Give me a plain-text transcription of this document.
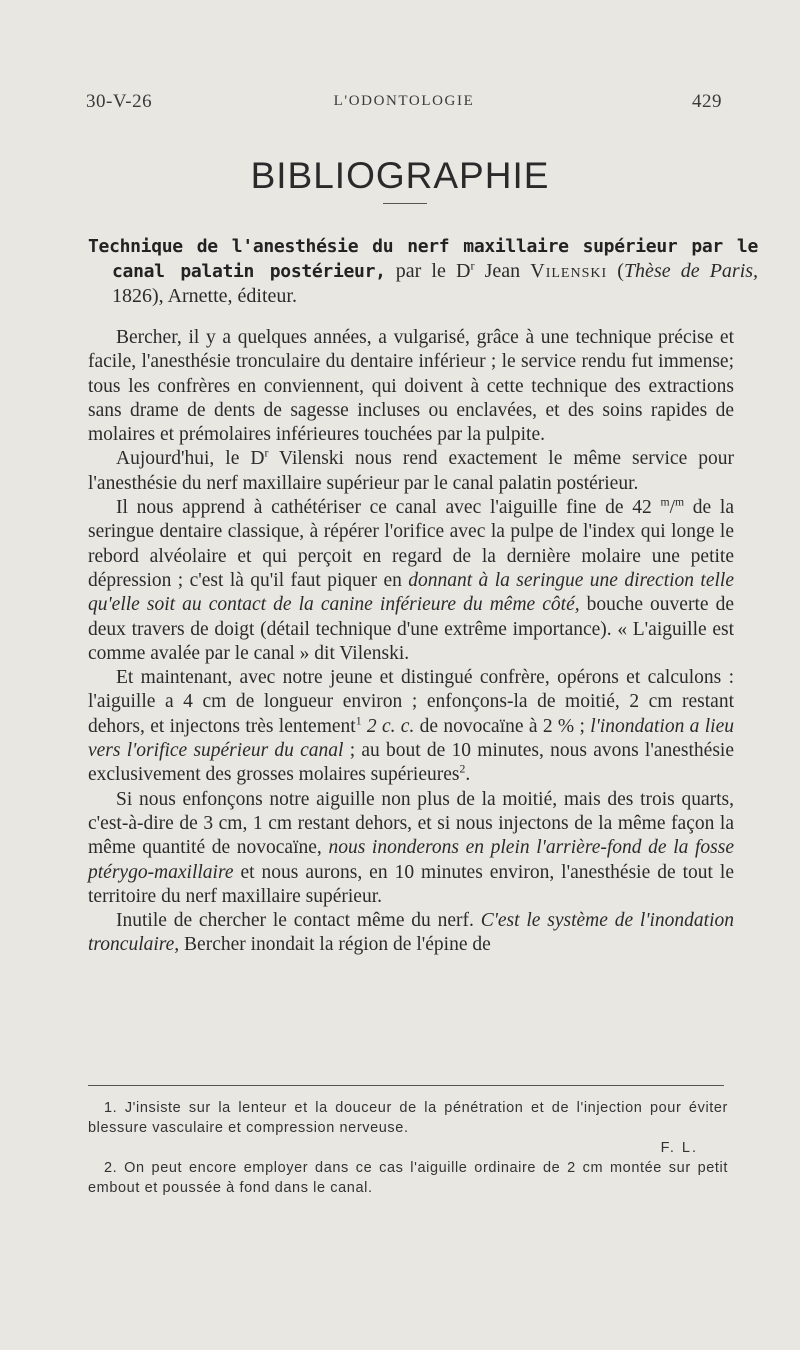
30-V-26	L'ODONTOLOGIE	429
BIBLIOGRAPHIE
Technique de l'anesthésie du nerf maxillaire supérieur par le canal palatin postérieur, par le $D^r$ Jean Vilenski (Thèse de Paris, 1826), Arnette, éditeur.

Bercher, il y a quelques années, a vulgarisé, grâce à une technique précise et facile, l'anesthésie tronculaire du dentaire inférieur ; le service rendu fut immense; tous les confrères en conviennent, qui doivent à cette technique des extractions sans drame de dents de sagesse incluses ou enclavées, et des soins rapides de molaires et prémolaires inférieures touchées par la pulpite.

Aujourd'hui, le $D^r$ Vilenski nous rend exactement le même service pour l'anesthésie du nerf maxillaire supérieur par le canal palatin postérieur.

Il nous apprend à cathétériser ce canal avec l'aiguille fine de 42 $^m$/$^m$ de la seringue dentaire classique, à répérer l'orifice avec la pulpe de l'index qui longe le rebord alvéolaire et qui perçoit en regard de la dernière molaire une petite dépression ; c'est là qu'il faut piquer en donnant à la seringue une direction telle qu'elle soit au contact de la canine inférieure du même côté, bouche ouverte de deux travers de doigt (détail technique d'une extrême importance). « L'aiguille est comme avalée par le canal » dit Vilenski.

Et maintenant, avec notre jeune et distingué confrère, opérons et calculons : l'aiguille a 4 cm de longueur environ ; enfonçons-la de moitié, 2 cm restant dehors, et injectons très lentement$^1$ 2 c. c. de novocaïne à 2 % ; l'inondation a lieu vers l'orifice supérieur du canal ; au bout de 10 minutes, nous avons l'anesthésie exclusivement des grosses molaires supérieures$^2$.

Si nous enfonçons notre aiguille non plus de la moitié, mais des trois quarts, c'est-à-dire de 3 cm, 1 cm restant dehors, et si nous injectons de la même façon la même quantité de novocaïne, nous inonderons en plein l'arrière-fond de la fosse ptérygo-maxillaire et nous aurons, en 10 minutes environ, l'anesthésie de tout le territoire du nerf maxillaire supérieur.

Inutile de chercher le contact même du nerf. C'est le système de l'inondation tronculaire, Bercher inondait la région de l'épine de

1. J'insiste sur la lenteur et la douceur de la pénétration et de l'injection pour éviter blessure vasculaire et compression nerveuse.

F. L.

2. On peut encore employer dans ce cas l'aiguille ordinaire de 2 cm montée sur petit embout et poussée à fond dans le canal.
